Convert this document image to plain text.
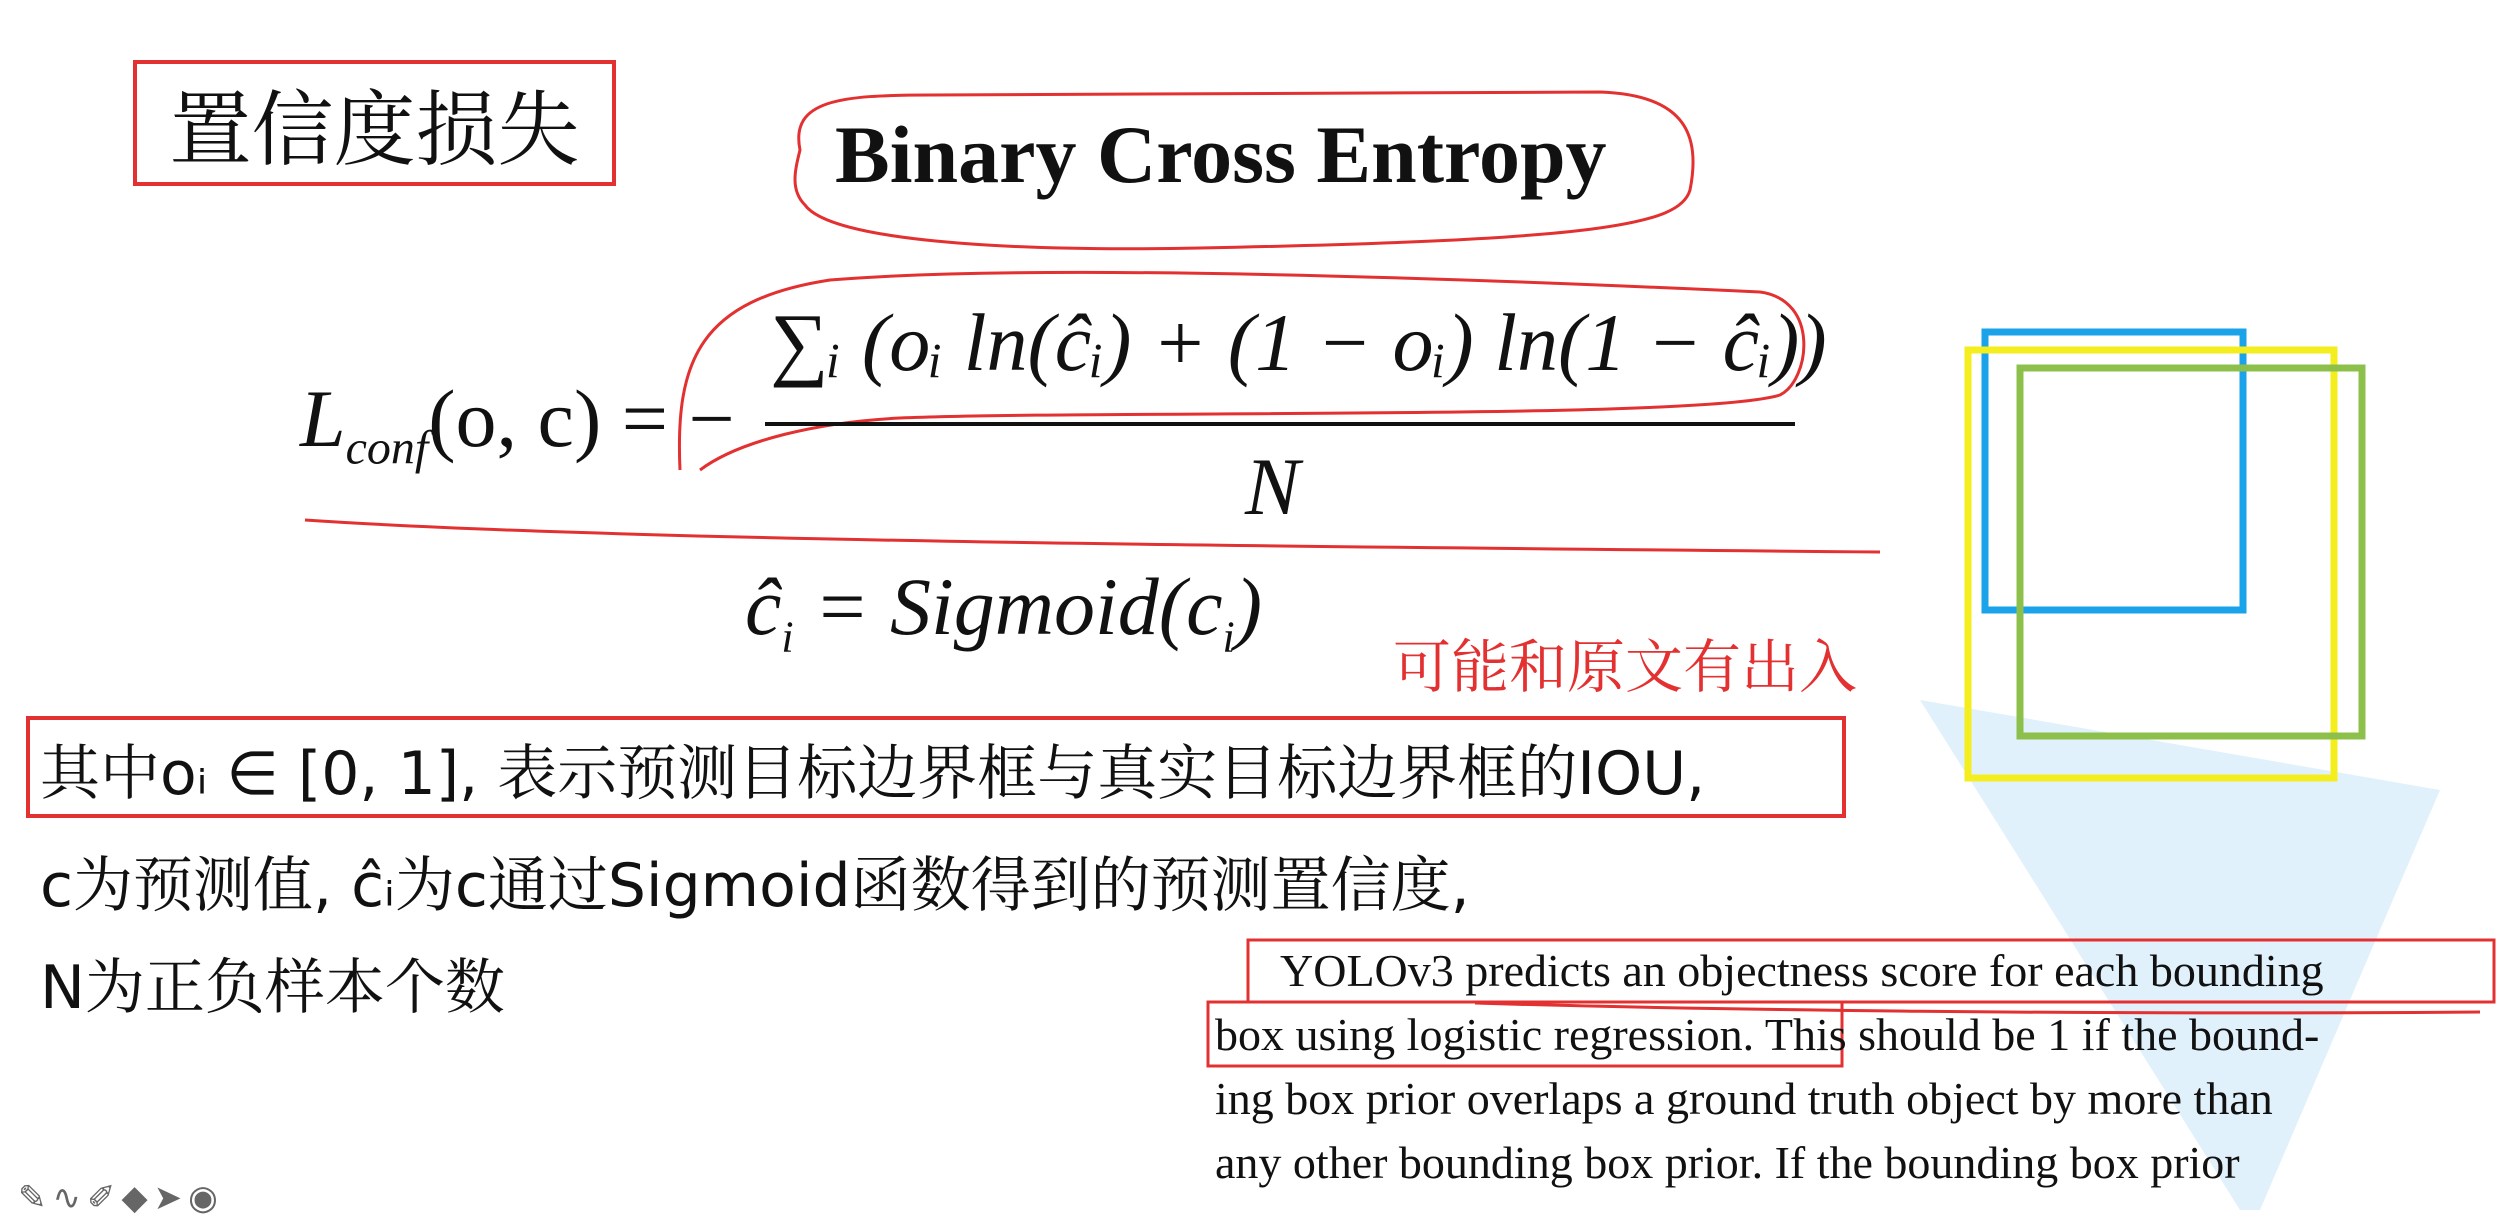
置信度损失	Binary Cross Entropy
$L_{conf}(o$, c) = −
∑ᵢ (oᵢ ln(ĉᵢ) + (1 − oᵢ) ln(1 − ĉᵢ))
N
$ĉ_i$ = $Sigmoid(c_i)$
可能和原文有出入
其中oᵢ ∈ [0, 1], 表示预测目标边界框与真实目标边界框的IOU,
c为预测值, ĉᵢ为c通过Sigmoid函数得到的预测置信度,
N为正负样本个数	YOLOv3 predicts an objectness score for each bounding
box using logistic regression. This should be 1 if the bound-
ing box prior overlaps a ground truth object by more than
any other bounding box prior. If the bounding box prior
✎∿✐◆➤◉
